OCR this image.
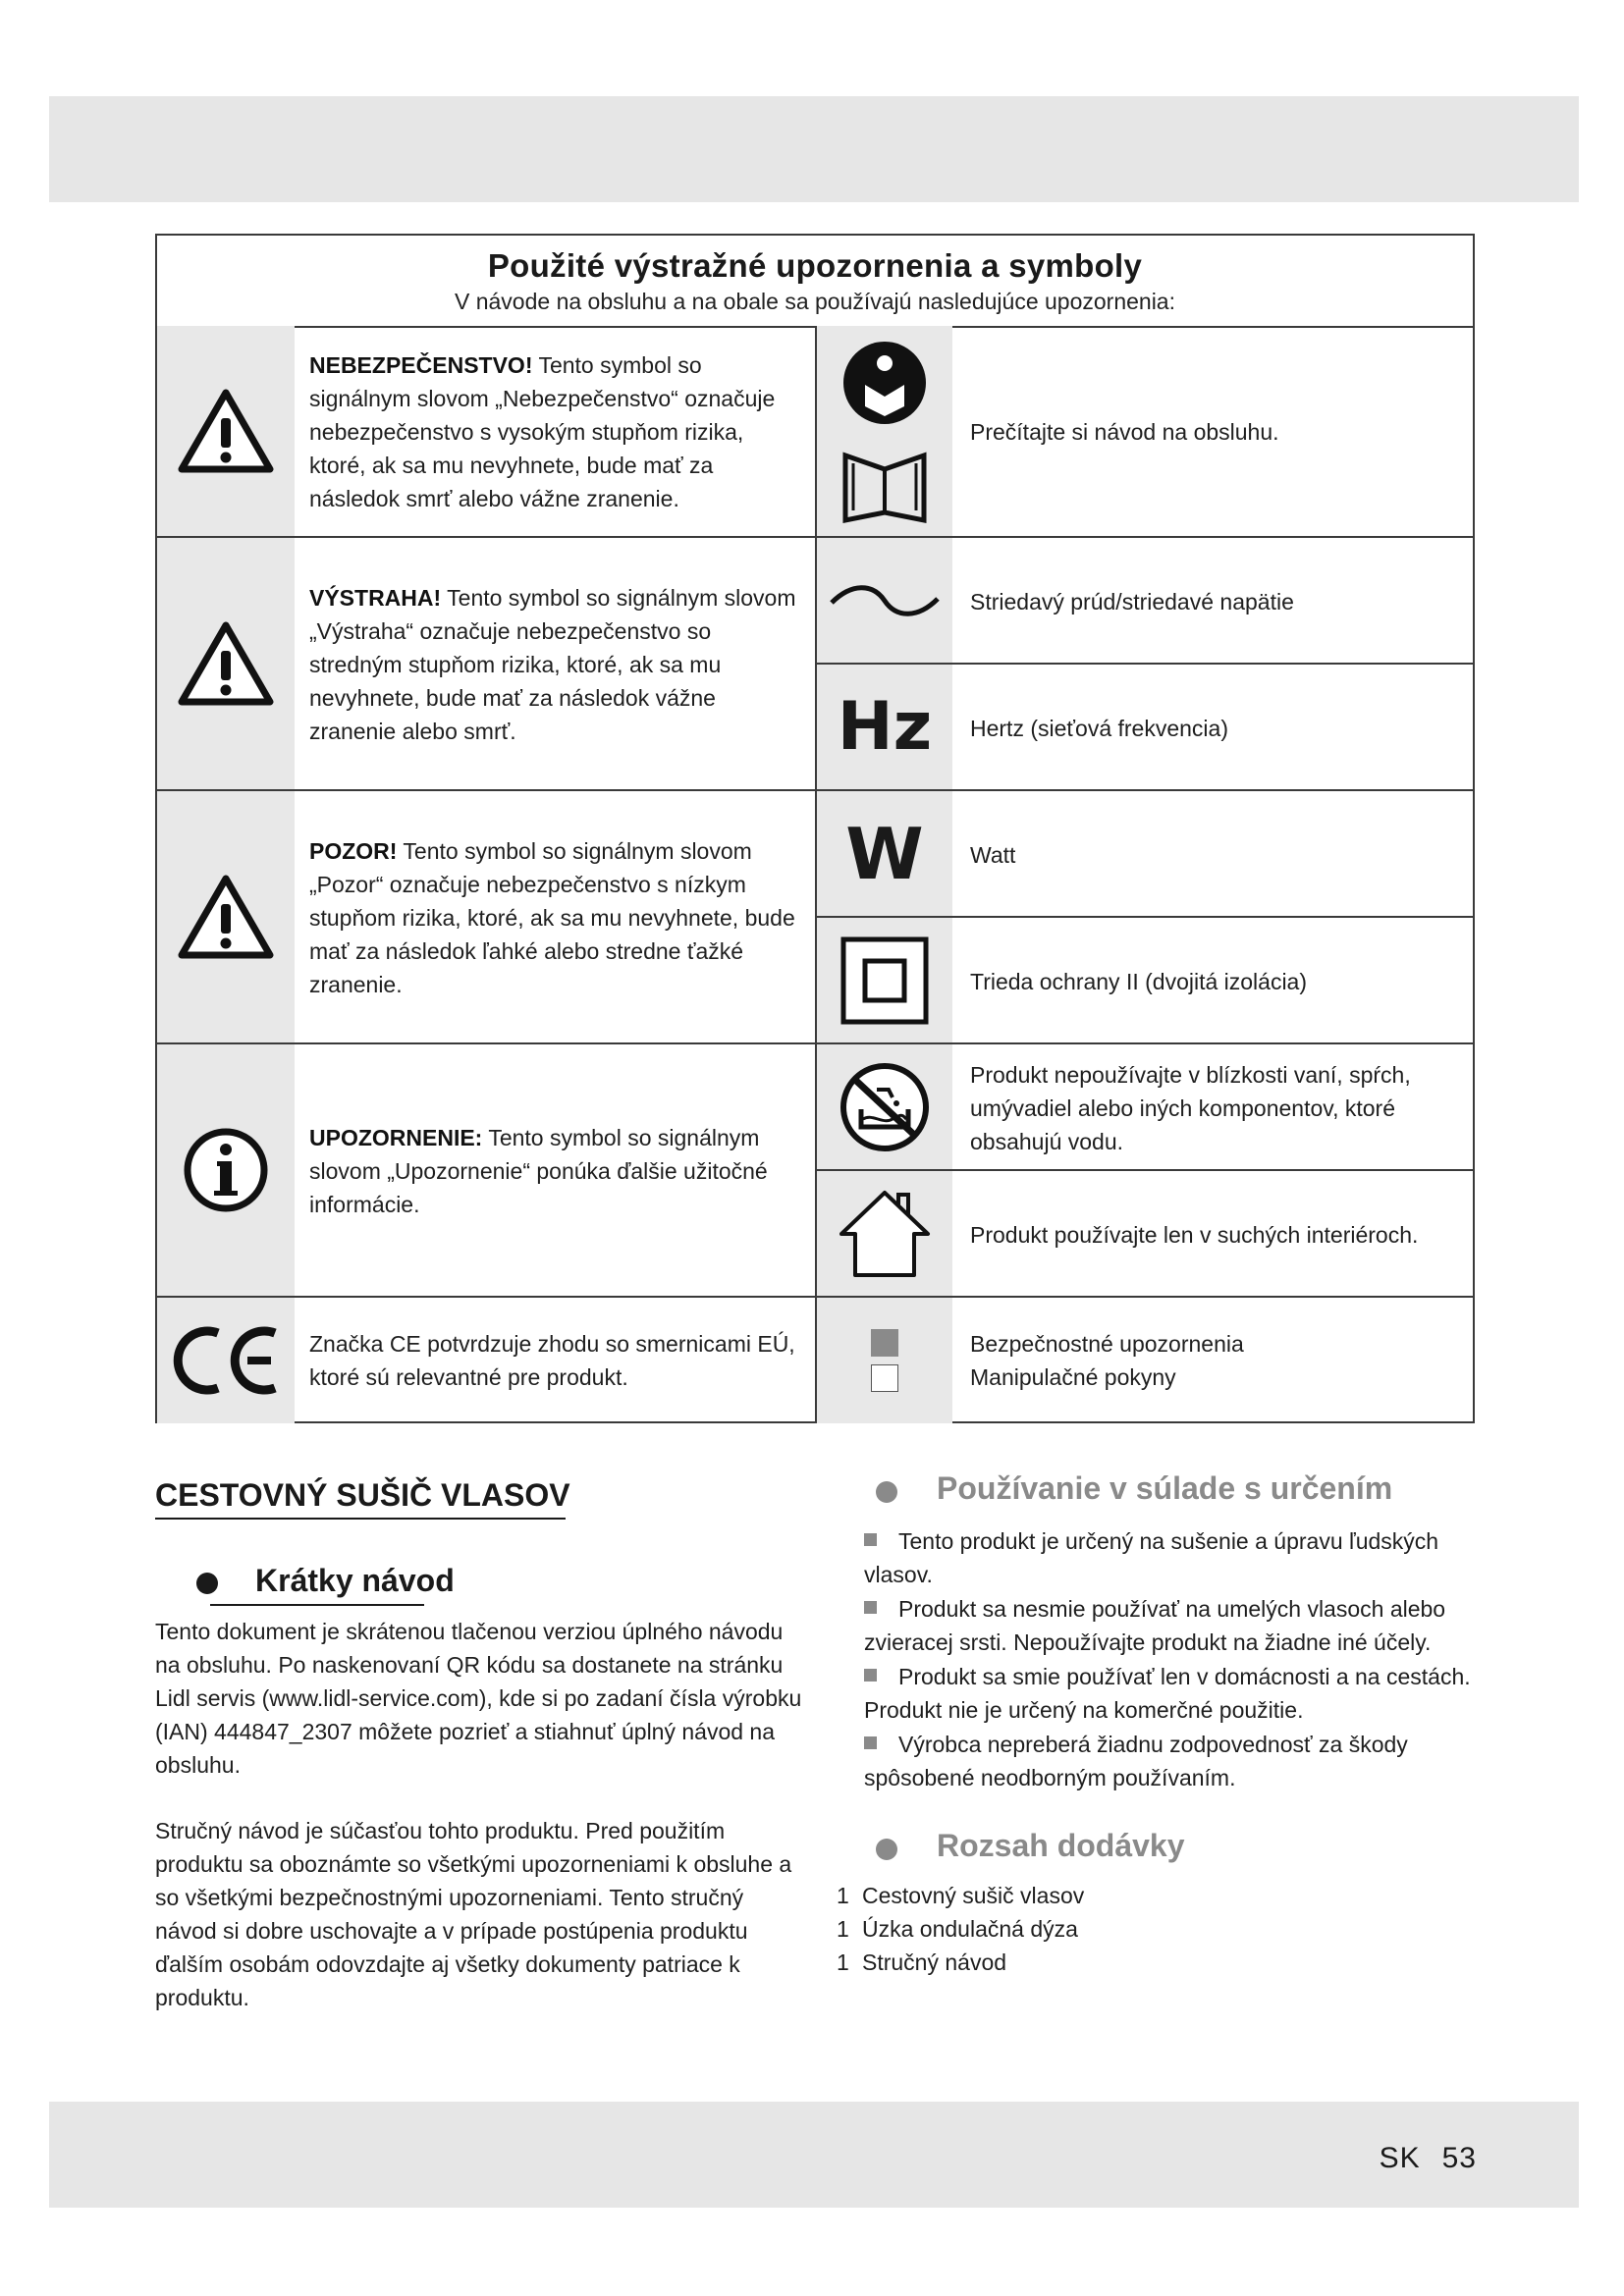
Použité výstražné upozornenia a symboly
V návode na obsluhu a na obale sa používajú nasledujúce upozornenia:
NEBEZPEČENSTVO! Tento symbol so signálnym slovom „Nebezpečenstvo“ označuje nebezpečenstvo s vysokým stupňom rizika, ktoré, ak sa mu nevyhnete, bude mať za následok smrť alebo vážne zranenie.
VÝSTRAHA! Tento symbol so signálnym slovom „Výstraha“ označuje nebezpečenstvo so stredným stupňom rizika, ktoré, ak sa mu nevyhnete, bude mať za následok vážne zranenie alebo smrť.
POZOR! Tento symbol so signálnym slovom „Pozor“ označuje nebezpečenstvo s nízkym stupňom rizika, ktoré, ak sa mu nevyhnete, bude mať za následok ľahké alebo stredne ťažké zranenie.
UPOZORNENIE: Tento symbol so signálnym slovom „Upozornenie“ ponúka ďalšie užitočné informácie.
Značka CE potvrdzuje zhodu so smernicami EÚ, ktoré sú relevantné pre produkt.
Prečítajte si návod na obsluhu.
Striedavý prúd/striedavé napätie
Hz Hertz (sieťová frekvencia)
W Watt
Trieda ochrany II (dvojitá izolácia)
Produkt nepoužívajte v blízkosti vaní, spŕch, umývadiel alebo iných komponentov, ktoré obsahujú vodu.
Produkt používajte len v suchých interiéroch.
Bezpečnostné upozornenia
Manipulačné pokyny
CESTOVNÝ SUŠIČ VLASOV
Krátky návod
Tento dokument je skrátenou tlačenou verziou úplného návodu na obsluhu. Po naskenovaní QR kódu sa dostanete na stránku Lidl servis (www.lidl-service.com), kde si po zadaní čísla výrobku (IAN) 444847_2307 môžete pozrieť a stiahnuť úplný návod na obsluhu.
Stručný návod je súčasťou tohto produktu. Pred použitím produktu sa oboznámte so všetkými upozorneniami k obsluhe a so všetkými bezpečnostnými upozorneniami. Tento stručný návod si dobre uschovajte a v prípade postúpenia produktu ďalším osobám odovzdajte aj všetky dokumenty patriace k produktu.
Používanie v súlade s určením
Tento produkt je určený na sušenie a úpravu ľudských vlasov.
Produkt sa nesmie používať na umelých vlasoch alebo zvieracej srsti. Nepoužívajte produkt na žiadne iné účely.
Produkt sa smie používať len v domácnosti a na cestách. Produkt nie je určený na komerčné použitie.
Výrobca nepreberá žiadnu zodpovednosť za škody spôsobené neodborným používaním.
Rozsah dodávky
1 Cestovný sušič vlasov
1 Úzka ondulačná dýza
1 Stručný návod
SK 53
